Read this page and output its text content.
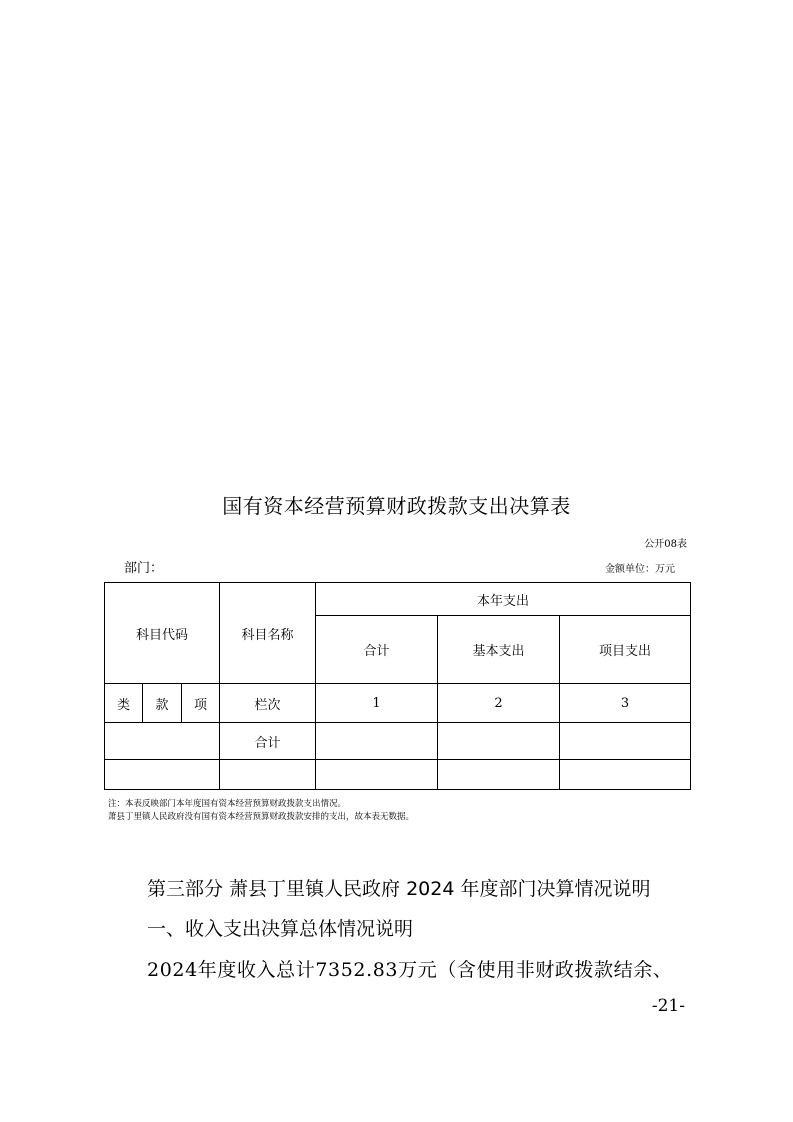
国有资本经营预算财政拨款支出决算表
公开08表
部门：	金额单位：万元
科目代码			科目名称	本年支出		
				合计	基本支出	项目支出
类	款	项	栏次	1	2	3
			合计			

注：本表反映部门本年度国有资本经营预算财政拨款支出情况。
萧县丁里镇人民政府没有国有资本经营预算财政拨款安排的支出，故本表无数据。
第三部分 萧县丁里镇人民政府 2024 年度部门决算情况说明
一、收入支出决算总体情况说明
2024年度收入总计7352.83万元（含使用非财政拨款结余、
-21-
